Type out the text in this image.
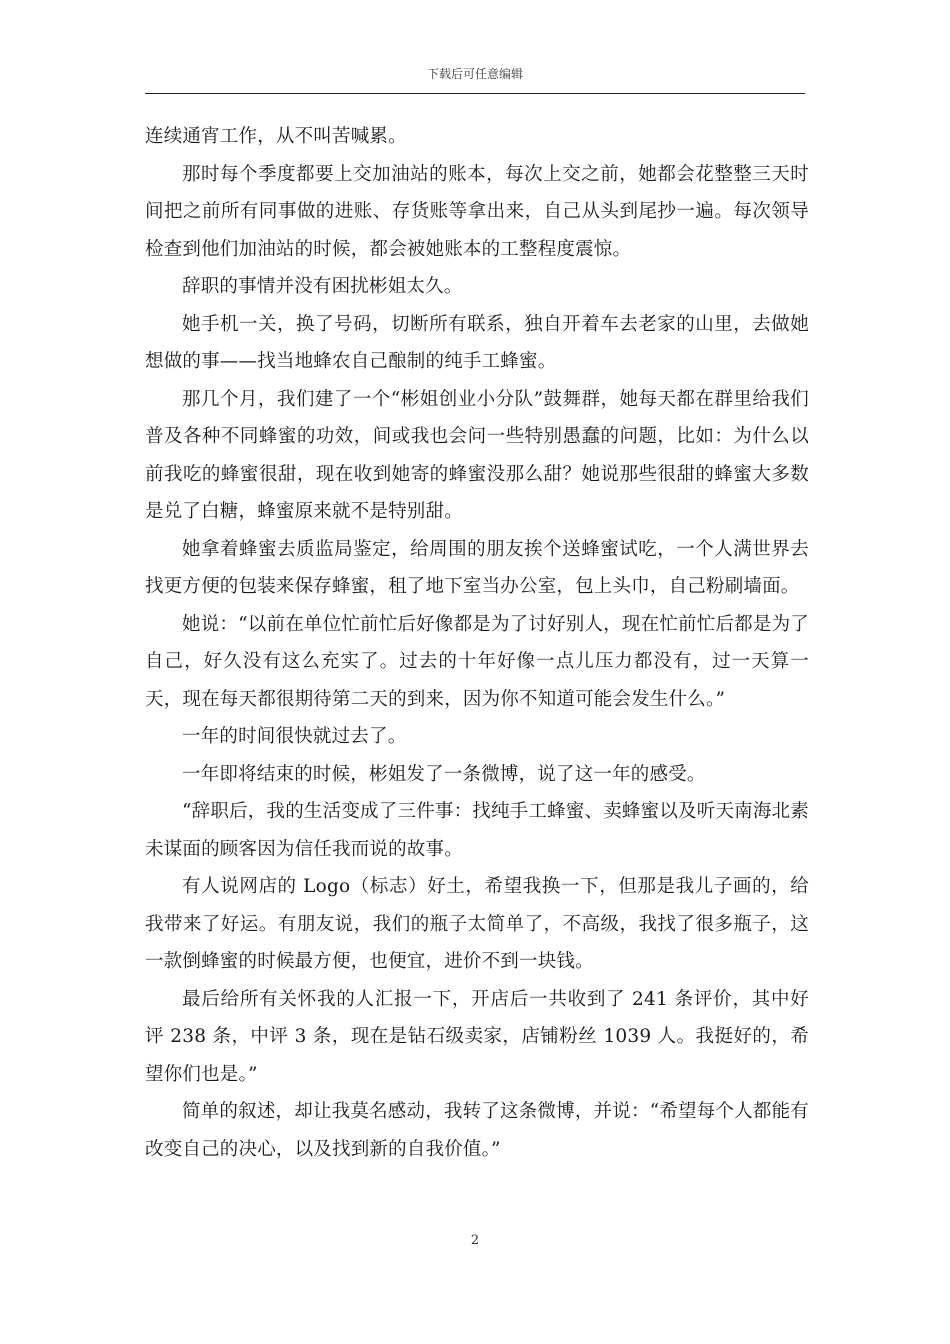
下载后可任意编辑

连续通宵工作，从不叫苦喊累。

那时每个季度都要上交加油站的账本，每次上交之前，她都会花整整三天时间把之前所有同事做的进账、存货账等拿出来，自己从头到尾抄一遍。每次领导检查到他们加油站的时候，都会被她账本的工整程度震惊。

辞职的事情并没有困扰彬姐太久。

她手机一关，换了号码，切断所有联系，独自开着车去老家的山里，去做她想做的事——找当地蜂农自己酿制的纯手工蜂蜜。

那几个月，我们建了一个“彬姐创业小分队”鼓舞群，她每天都在群里给我们普及各种不同蜂蜜的功效，间或我也会问一些特别愚蠢的问题，比如：为什么以前我吃的蜂蜜很甜，现在收到她寄的蜂蜜没那么甜？她说那些很甜的蜂蜜大多数是兑了白糖，蜂蜜原来就不是特别甜。

她拿着蜂蜜去质监局鉴定，给周围的朋友挨个送蜂蜜试吃，一个人满世界去找更方便的包装来保存蜂蜜，租了地下室当办公室，包上头巾，自己粉刷墙面。

她说：“以前在单位忙前忙后好像都是为了讨好别人，现在忙前忙后都是为了自己，好久没有这么充实了。过去的十年好像一点儿压力都没有，过一天算一天，现在每天都很期待第二天的到来，因为你不知道可能会发生什么。”

一年的时间很快就过去了。

一年即将结束的时候，彬姐发了一条微博，说了这一年的感受。

“辞职后，我的生活变成了三件事：找纯手工蜂蜜、卖蜂蜜以及听天南海北素未谋面的顾客因为信任我而说的故事。

有人说网店的 Logo（标志）好土，希望我换一下，但那是我儿子画的，给我带来了好运。有朋友说，我们的瓶子太简单了，不高级，我找了很多瓶子，这一款倒蜂蜜的时候最方便，也便宜，进价不到一块钱。

最后给所有关怀我的人汇报一下，开店后一共收到了 241 条评价，其中好评 238 条，中评 3 条，现在是钻石级卖家，店铺粉丝 1039 人。我挺好的，希望你们也是。”

简单的叙述，却让我莫名感动，我转了这条微博，并说：“希望每个人都能有改变自己的决心，以及找到新的自我价值。”

2
